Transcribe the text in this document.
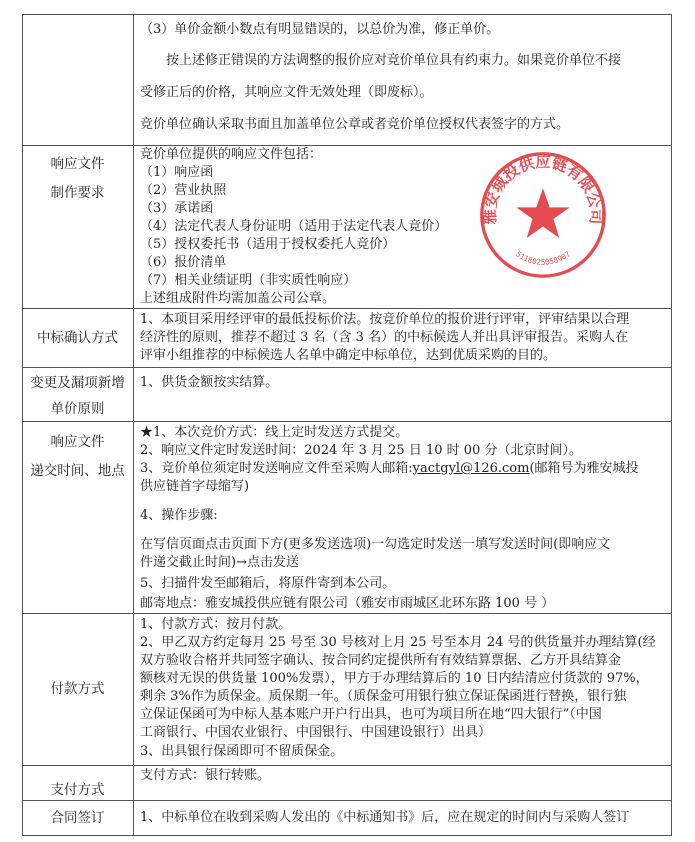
（3）单价金额小数点有明显错误的，以总价为准，修正单价。
按上述修正错误的方法调整的报价应对竞价单位具有约束力。如果竞价单位不接
受修正后的价格，其响应文件无效处理（即废标）。
竞价单位确认采取书面且加盖单位公章或者竞价单位授权代表签字的方式。
响应文件
制作要求
竞价单位提供的响应文件包括：
（1）响应函
（2）营业执照
（3）承诺函
（4）法定代表人身份证明（适用于法定代表人竞价）
（5）授权委托书（适用于授权委托人竞价）
（6）报价清单
（7）相关业绩证明（非实质性响应）
上述组成附件均需加盖公司公章。
中标确认方式
1、本项目采用经评审的最低投标价法。按竞价单位的报价进行评审，评审结果以合理
经济性的原则，推荐不超过 3 名（含 3 名）的中标候选人并出具评审报告。采购人在
评审小组推荐的中标候选人名单中确定中标单位，达到优质采购的目的。
变更及漏项新增
单价原则
1、供货金额按实结算。
响应文件
递交时间、地点
★1、本次竞价方式：线上定时发送方式提交。
2、响应文件定时发送时间：2024 年 3 月 25 日 10 时 00 分（北京时间）。
3、竞价单位须定时发送响应文件至采购人邮箱:yactgyl@126.com(邮箱号为雅安城投
供应链首字母缩写)
4、操作步骤:
在写信页面点击页面下方(更多发送选项)一勾选定时发送一填写发送时间(即响应文
件递交截止时间)→点击发送
5、扫描件发至邮箱后，将原件寄到本公司。
邮寄地点：雅安城投供应链有限公司（雅安市雨城区北环东路 100 号 ）
付款方式
1、付款方式：按月付款。
2、甲乙双方约定每月 25 号至 30 号核对上月 25 号至本月 24 号的供货量并办理结算(经
双方验收合格并共同签字确认、按合同约定提供所有有效结算票据、乙方开具结算金
额核对无误的供货量 100%发票），甲方于办理结算后的 10 日内结清应付货款的 97%，
剩余 3%作为质保金。质保期一年。（质保金可用银行独立保证保函进行替换，银行独
立保证保函可为中标人基本账户开户行出具，也可为项目所在地“四大银行”（中国
工商银行、中国农业银行、中国银行、中国建设银行）出具）
3、出具银行保函即可不留质保金。
支付方式
支付方式：银行转账。
合同签订	1、中标单位在收到采购人发出的《中标通知书》后，应在规定的时间内与采购人签订
雅安城投供应链有限公司
5118025058907
